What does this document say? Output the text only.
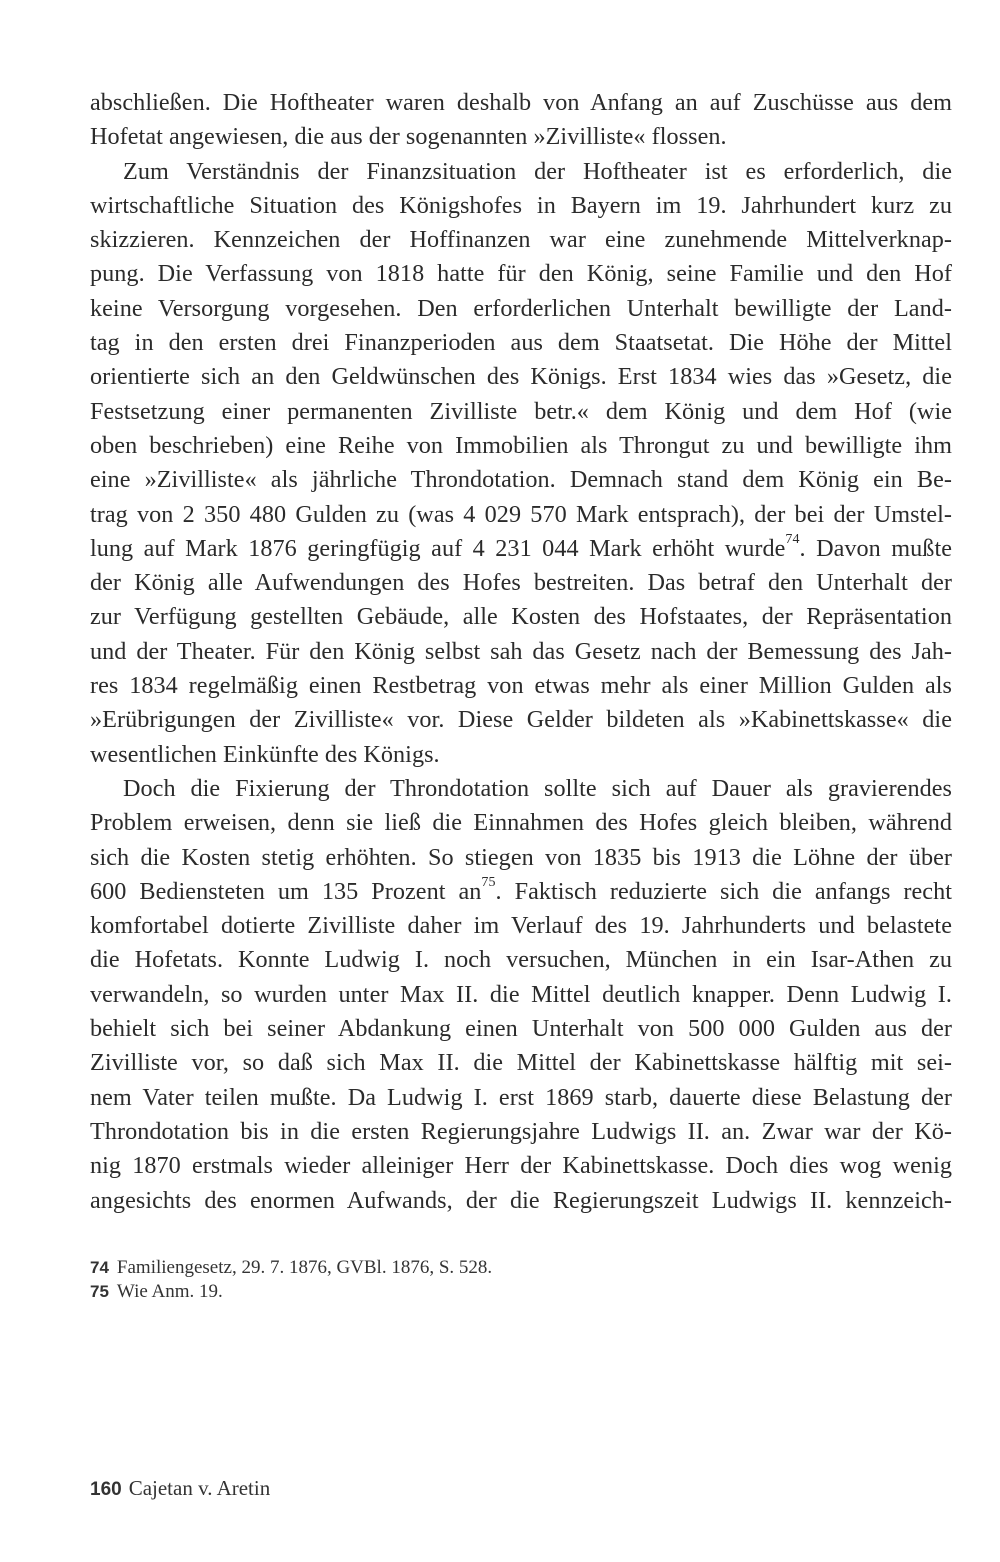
abschließen. Die Hoftheater waren deshalb von Anfang an auf Zuschüsse aus dem
Hofetat angewiesen, die aus der sogenannten »Zivilliste« flossen.
Zum Verständnis der Finanzsituation der Hoftheater ist es erforderlich, die
wirtschaftliche Situation des Königshofes in Bayern im 19. Jahrhundert kurz zu
skizzieren. Kennzeichen der Hoffinanzen war eine zunehmende Mittelverknap-
pung. Die Verfassung von 1818 hatte für den König, seine Familie und den Hof
keine Versorgung vorgesehen. Den erforderlichen Unterhalt bewilligte der Land-
tag in den ersten drei Finanzperioden aus dem Staatsetat. Die Höhe der Mittel
orientierte sich an den Geldwünschen des Königs. Erst 1834 wies das »Gesetz, die
Festsetzung einer permanenten Zivilliste betr.« dem König und dem Hof (wie
oben beschrieben) eine Reihe von Immobilien als Throngut zu und bewilligte ihm
eine »Zivilliste« als jährliche Throndotation. Demnach stand dem König ein Be-
trag von 2 350 480 Gulden zu (was 4 029 570 Mark entsprach), der bei der Umstel-
lung auf Mark 1876 geringfügig auf 4 231 044 Mark erhöht wurde$^{74}$. Davon mußte
der König alle Aufwendungen des Hofes bestreiten. Das betraf den Unterhalt der
zur Verfügung gestellten Gebäude, alle Kosten des Hofstaates, der Repräsentation
und der Theater. Für den König selbst sah das Gesetz nach der Bemessung des Jah-
res 1834 regelmäßig einen Restbetrag von etwas mehr als einer Million Gulden als
»Erübrigungen der Zivilliste« vor. Diese Gelder bildeten als »Kabinettskasse« die
wesentlichen Einkünfte des Königs.
Doch die Fixierung der Throndotation sollte sich auf Dauer als gravierendes
Problem erweisen, denn sie ließ die Einnahmen des Hofes gleich bleiben, während
sich die Kosten stetig erhöhten. So stiegen von 1835 bis 1913 die Löhne der über
600 Bediensteten um 135 Prozent $an^{75}$. Faktisch reduzierte sich die anfangs recht
komfortabel dotierte Zivilliste daher im Verlauf des 19. Jahrhunderts und belastete
die Hofetats. Konnte Ludwig I. noch versuchen, München in ein Isar-Athen zu
verwandeln, so wurden unter Max II. die Mittel deutlich knapper. Denn Ludwig I.
behielt sich bei seiner Abdankung einen Unterhalt von 500 000 Gulden aus der
Zivilliste vor, so daß sich Max II. die Mittel der Kabinettskasse hälftig mit sei-
nem Vater teilen mußte. Da Ludwig I. erst 1869 starb, dauerte diese Belastung der
Throndotation bis in die ersten Regierungsjahre Ludwigs II. an. Zwar war der Kö-
nig 1870 erstmals wieder alleiniger Herr der Kabinettskasse. Doch dies wog wenig
angesichts des enormen Aufwands, der die Regierungszeit Ludwigs II. kennzeich-
74 Familiengesetz, 29. 7. 1876, GVBl. 1876, S. 528.
75 Wie Anm. 19.
160 Cajetan v. Aretin
